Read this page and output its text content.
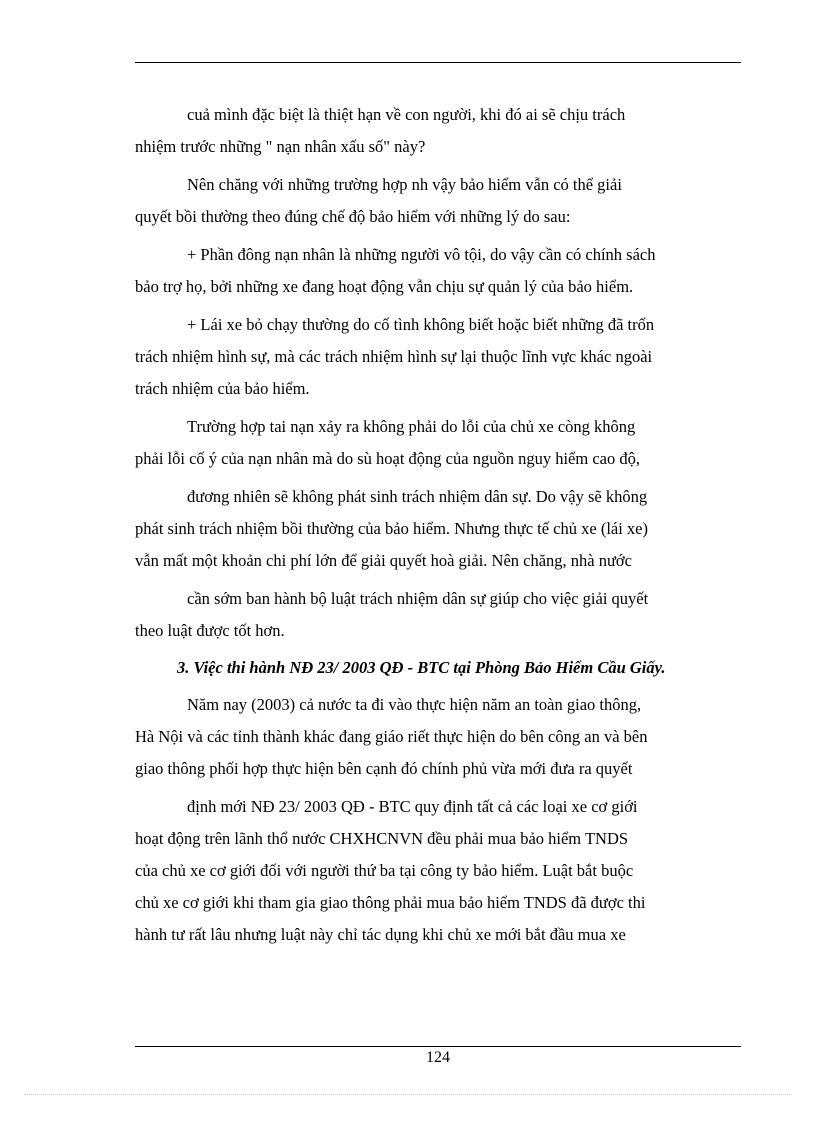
cuả mình đặc biệt là thiệt hạn về con người, khi đó ai sẽ chịu trách
nhiệm trước những " nạn nhân xấu số" này?

Nên chăng với những trường hợp nh vậy bảo hiểm vẫn có thể giải
quyết bồi thường theo đúng chế độ bảo hiểm với những lý do sau:

+ Phần đông nạn nhân là những người vô tội, do vậy cần có chính sách
bảo trợ họ, bởi những xe đang hoạt động vẫn chịu sự quản lý của bảo hiểm.

+ Lái xe bỏ chạy thường do cố tình không biết hoặc biết những đã trốn
trách nhiệm hình sự, mà các trách nhiệm hình sự lại thuộc lĩnh vực khác ngoài
trách nhiệm của bảo hiểm.

Trường hợp tai nạn xảy ra không phải do lỗi của chủ xe còng không
phải lỗi cố ý của nạn nhân mà do sù hoạt động của nguồn nguy hiểm cao độ,

đương nhiên sẽ không phát sinh trách nhiệm dân sự. Do vậy sẽ không
phát sinh trách nhiệm bồi thường của bảo hiểm. Nhưng thực tế chủ xe (lái xe)
vẫn mất một khoản chi phí lớn để giải quyết hoà giải. Nên chăng, nhà nước

cần sớm ban hành bộ luật trách nhiệm dân sự giúp cho việc giải quyết
theo luật được tốt hơn.

3. Việc thi hành NĐ 23/ 2003 QĐ - BTC tại Phòng Bảo Hiểm Cầu Giấy.

Năm nay (2003) cả nước ta đi vào thực hiện năm an toàn giao thông,
Hà Nội và các tỉnh thành khác đang giáo riết thực hiện do bên công an và bên
giao thông phối hợp thực hiện bên cạnh đó chính phủ vừa mới đưa ra quyết

định mới NĐ 23/ 2003 QĐ - BTC quy định tất cả các loại xe cơ giới
hoạt động trên lãnh thổ nước CHXHCNVN đều phải mua bảo hiểm TNDS
của chủ xe cơ giới đối với người thứ ba tại công ty bảo hiểm. Luật bắt buộc
chủ xe cơ giới khi tham gia giao thông phải mua bảo hiểm TNDS đã được thi
hành tư rất lâu nhưng luật này chỉ tác dụng khi chủ xe mới bắt đầu mua xe

124
